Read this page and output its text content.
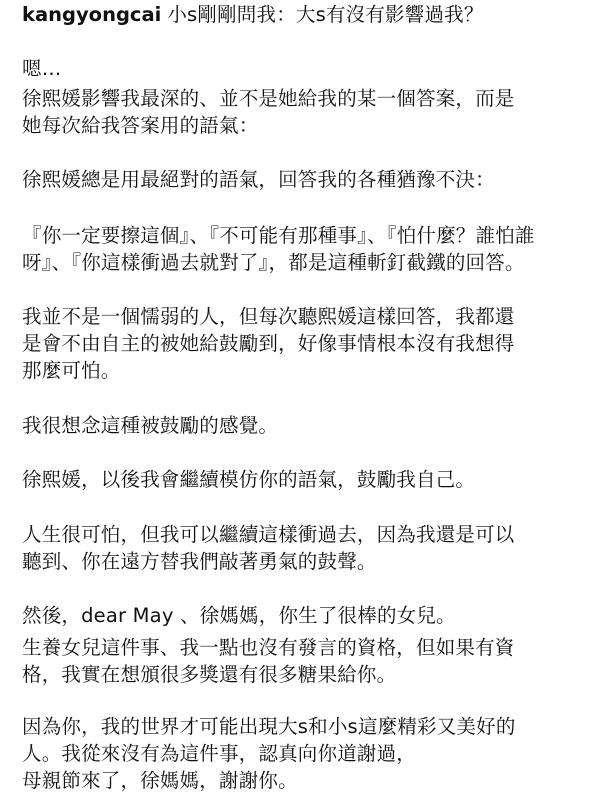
kangyongcai 小s剛剛問我：大s有沒有影響過我？

嗯…

徐熙媛影響我最深的、並不是她給我的某一個答案，而是

她每次給我答案用的語氣：

徐熙媛總是用最絕對的語氣，回答我的各種猶豫不決：

『你一定要擦這個』、『不可能有那種事』、『怕什麼？誰怕誰

呀』、『你這樣衝過去就對了』，都是這種斬釘截鐵的回答。

我並不是一個懦弱的人，但每次聽熙媛這樣回答，我都還

是會不由自主的被她給鼓勵到，好像事情根本沒有我想得

那麼可怕。

我很想念這種被鼓勵的感覺。

徐熙媛，以後我會繼續模仿你的語氣，鼓勵我自己。

人生很可怕，但我可以繼續這樣衝過去，因為我還是可以

聽到、你在遠方替我們敲著勇氣的鼓聲。

然後，dear May 、徐媽媽，你生了很棒的女兒。

生養女兒這件事、我一點也沒有發言的資格，但如果有資

格，我實在想頒很多獎還有很多糖果給你。

因為你，我的世界才可能出現大s和小s這麼精彩又美好的

人。我從來沒有為這件事，認真向你道謝過，

母親節來了，徐媽媽，謝謝你。
